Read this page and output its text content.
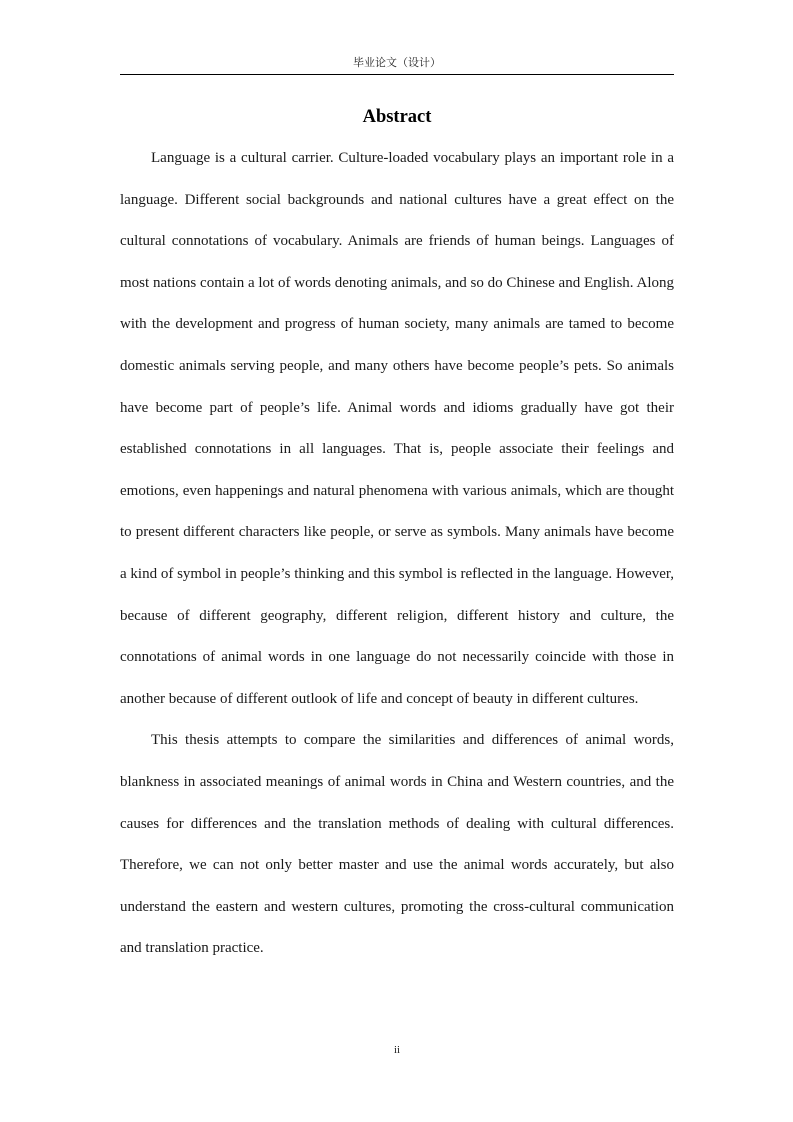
毕业论文（设计）
Abstract

Language is a cultural carrier. Culture-loaded vocabulary plays an important role in a language. Different social backgrounds and national cultures have a great effect on the cultural connotations of vocabulary. Animals are friends of human beings. Languages of most nations contain a lot of words denoting animals, and so do Chinese and English. Along with the development and progress of human society, many animals are tamed to become domestic animals serving people, and many others have become people’s pets. So animals have become part of people’s life. Animal words and idioms gradually have got their established connotations in all languages. That is, people associate their feelings and emotions, even happenings and natural phenomena with various animals, which are thought to present different characters like people, or serve as symbols. Many animals have become a kind of symbol in people’s thinking and this symbol is reflected in the language. However, because of different geography, different religion, different history and culture, the connotations of animal words in one language do not necessarily coincide with those in another because of different outlook of life and concept of beauty in different cultures.

This thesis attempts to compare the similarities and differences of animal words, blankness in associated meanings of animal words in China and Western countries, and the causes for differences and the translation methods of dealing with cultural differences. Therefore, we can not only better master and use the animal words accurately, but also understand the eastern and western cultures, promoting the cross-cultural communication and translation practice.

ii
